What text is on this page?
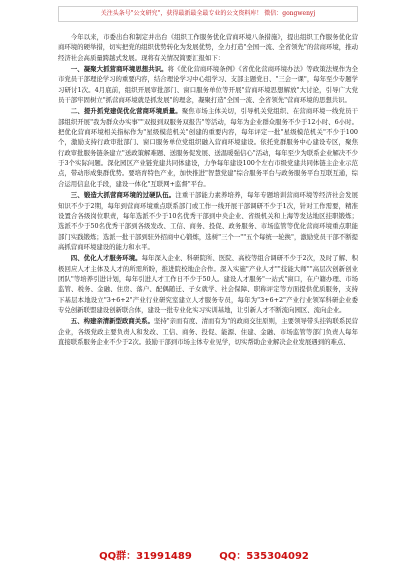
关注头条号"公文研究"，获得最新最全最专业的公文资料库！ 微信：gongwenyj

今年以来，市委出台和制定并出台《组织工作服务优化营商环境八条措施》，提出组织工作服务优化营商环境的硬举措，切实把党的组织优势转化为发展优势，全力打造"全国一流、全省领先"的营商环境，推动经济社会高质量跨越式发展。现将有关情况简要汇报如下：

一、凝聚大抓营商环境思想共识。将《优化营商环境条例》《省优化营商环境办法》等政策法规作为全市党员干部理论学习的重要内容，结合理论学习中心组学习、支部主题党日、"三会一课"，每年至少专题学习研讨1次。4月底前，组织开展审批部门、窗口服务单位等开展"营商环境思想解放"大讨论，引导广大党员干部牢固树立"抓营商环境就是抓发展"的理念，凝聚打造"全国一流、全省领先"营商环境的思想共识。

二、提升抓党建促优化营商环境质量。聚焦市场主体关切，引导机关党组织、在营商环境一线党员干部组织开展"我为群众办实事""双报到双服务双报告"等活动，每年为企业群众服务不少于12小时、6小时。把优化营商环境相关指标作为"星级模范机关"创建的重要内容，每年评定一批"星级模范机关"不少于100个，激励支持行政审批部门、窗口服务单位党组织融入营商环境建设。依托党群服务中心建设专区，聚焦行政审批服务链条建立"送政策解难题、送服务促发展、送温暖强信心"活动，每年至少为联系企业解决不少于3个实际问题。深化园区产业链党建共同体建设，力争每年建设100个左右市级党建共同体链主企业示范点，带动形成集群优势。要培育特色产业，加快推进"智慧党建"综合服务平台与政务服务平台互联互通，综合运用信息化手段，建设一体化"互联网+监督"平台。

三、锻造大抓营商环境的过硬队伍。注重干部能力素养培养，每年专题培训营商环境等经济社会发展知识不少于2期，每年到营商环境重点联系部门或工作一线开展干部调研不少于1次，针对工作需要，精准设置合各级岗位职责，每年选派不少于10名优秀干部到中央企业、省级机关和上海等发达地区挂职锻炼；选派不少于50名优秀干部到各级发改、工信、商务、投促、政务服务、市场监管等优化营商环境重点职能部门实践锻炼；选派一批干部到驻外招商中心锻炼，选树"三个一""五个每统一轮换"，激励党员干部不断提高抓营商环境建设的能力和水平。

四、优化人才服务环境。每年深入企业、科研院所、医院、高校等组合调研不少于2次，及时了解、积极回应人才主体及人才的所需所盼，推进院校地企合作。深入实施"产业人才""技能大师""高层次创新创业团队"等培养引进计划，每年引进人才工作日不少于50人。建设人才服务"一站式"窗口，在户籍办理、市场监管、税务、金融、住房、落户、配偶随迁、子女就学、社会保障、职称评定等方面提供优质服务，支持下基层本地设立"3+6+2"产业行业研究室建立人才服务专员，每年为"3+6+2"产业行业领军科研企业委专兑创新联盟建设创新联合体，建设一批专业化实习实训基地，让引新人才不断流向园区、流向企业。

五、构建亲清新型政商关系。坚持"亲而有度、清而有为"的政商交往原则，主要领导带头挂钩联系民营企业，各级党政主要负责人和发改、工信、商务、投促、能源、住建、金融、市场监管等部门负责人每年直接联系服务企业不少于2次。鼓励干部到市场主体专业见学，切实帮助企业解决企业发展遇到的难点、

QQ群：31991489	QQ：535304092
